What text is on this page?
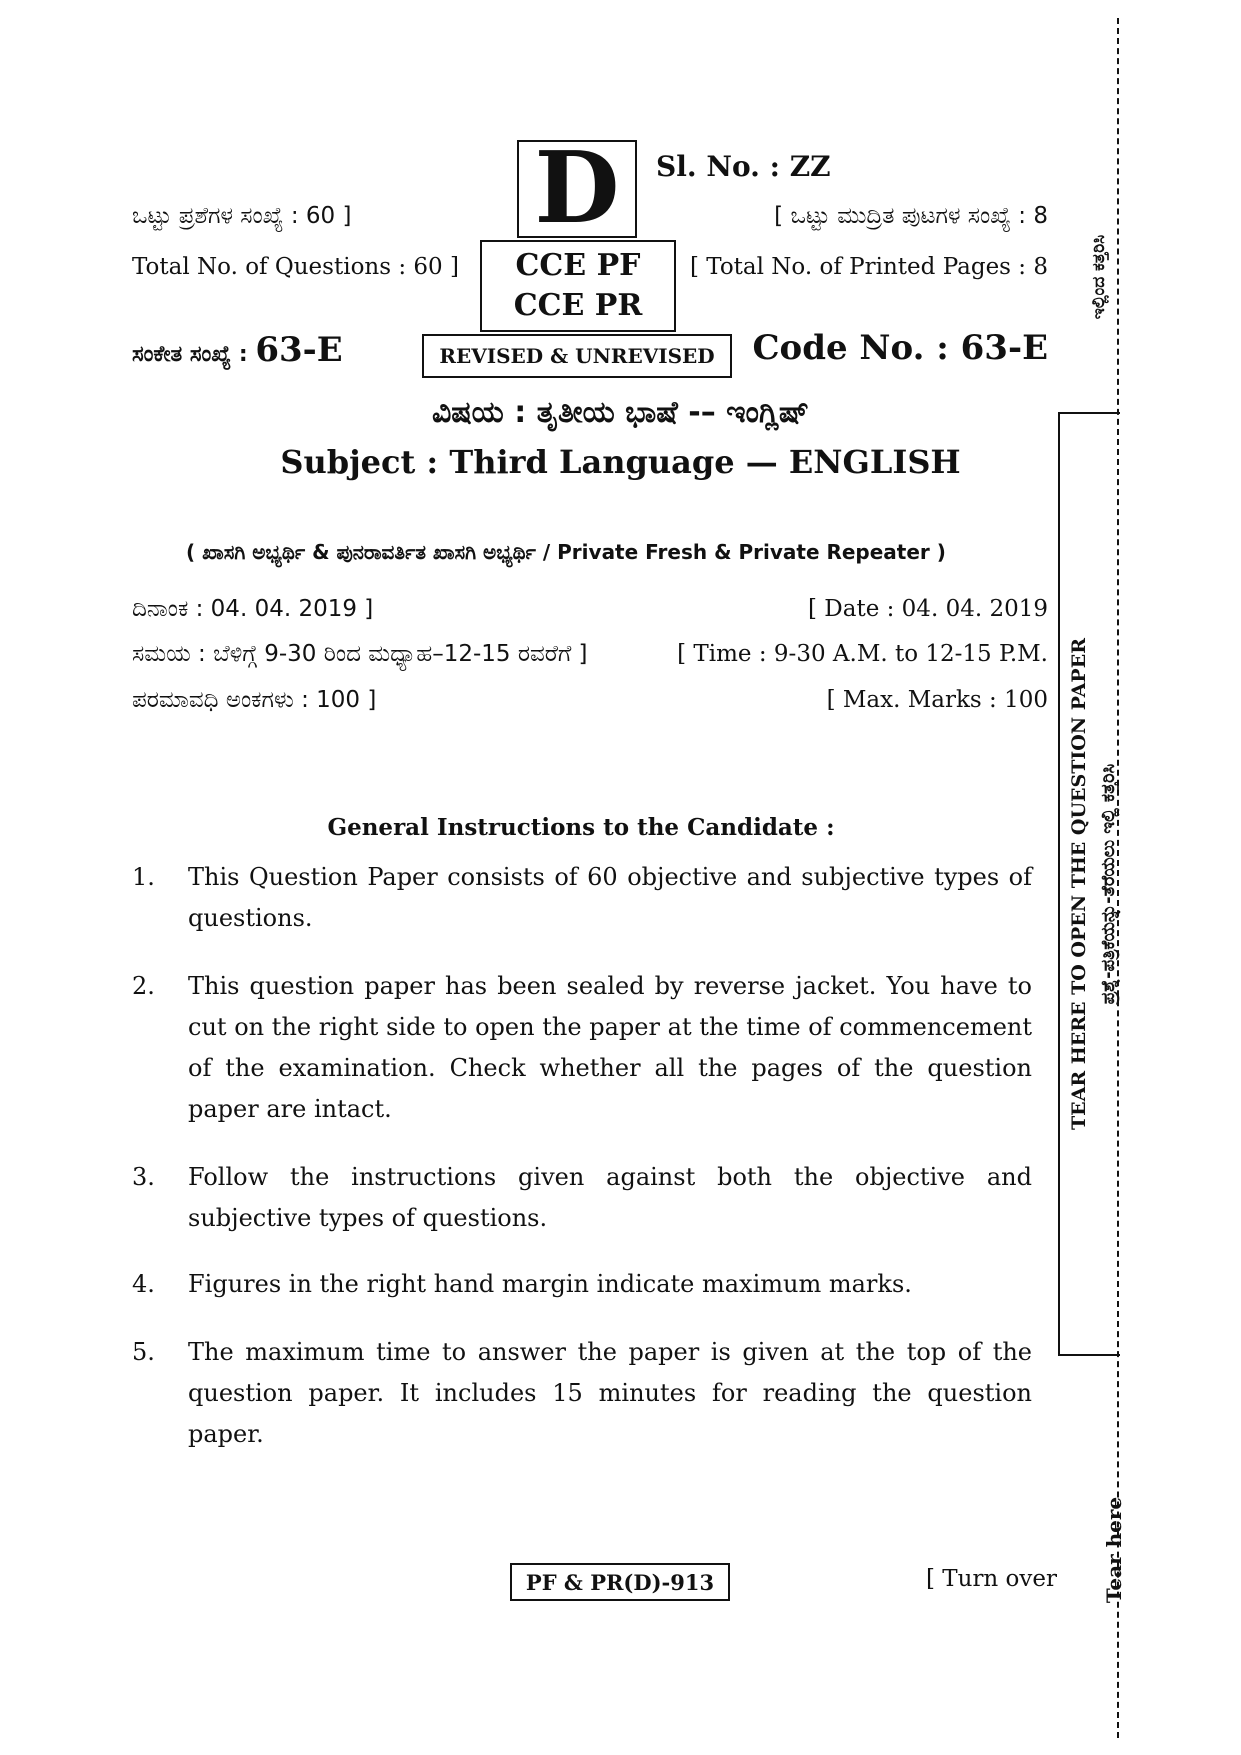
D Sl. No. : ZZ
ಒಟ್ಟು ಪ್ರಶೆಗಳ ಸಂಖ್ಯೆ : 60 ]
Total No. of Questions : 60 ]
[ ಒಟ್ಟು ಮುದ್ರಿತ ಪುಟಗಳ ಸಂಖ್ಯೆ : 8
[ Total No. of Printed Pages : 8
CCE PF
CCE PR
ಸಂಕೇತ ಸಂಖ್ಯೆ : 63-E	REVISED & UNREVISED Code No. : 63-E
ವಿಷಯ : ತೃತೀಯ ಭಾಷೆ -– ಇಂಗ್ಲಿಷ್
Subject : Third Language — ENGLISH
( ಖಾಸಗಿ ಅಭ್ಯರ್ಥಿ & ಪುನರಾವರ್ತಿತ ಖಾಸಗಿ ಅಭ್ಯರ್ಥಿ / Private Fresh & Private Repeater )
ದಿನಾಂಕ : 04. 04. 2019 ]	[ Date : 04. 04. 2019
ಸಮಯ : ಬೆಳಿಗ್ಗೆ 9-30 ರಿಂದ ಮಧ್ಯಾಹ–12-15 ರವರೆಗೆ ]	[ Time : 9-30 A.M. to 12-15 P.M.
ಪರಮಾವಧಿ ಅಂಕಗಳು : 100 ]	[ Max. Marks : 100
General Instructions to the Candidate :
1.	This Question Paper consists of 60 objective and subjective types of questions.
2.	This question paper has been sealed by reverse jacket. You have to cut on the right side to open the paper at the time of commencement of the examination. Check whether all the pages of the question paper are intact.
3.	Follow the instructions given against both the objective and subjective types of questions.
4.	Figures in the right hand margin indicate maximum marks.
5.	The maximum time to answer the paper is given at the top of the question paper. It includes 15 minutes for reading the question paper.
PF & PR(D)-913	[ Turn over
ಇಲ್ಲಿಂದ ಕತ್ತರಿಸಿ
TEAR HERE TO OPEN THE QUESTION PAPER ಪ್ರಶ್ನೆ-ಪತ್ರಿಕೆಯನ್ನು-ತೆರೆಯಲು ಇಲ್ಲಿ ಕತ್ತರಿಸಿ
Tear here
